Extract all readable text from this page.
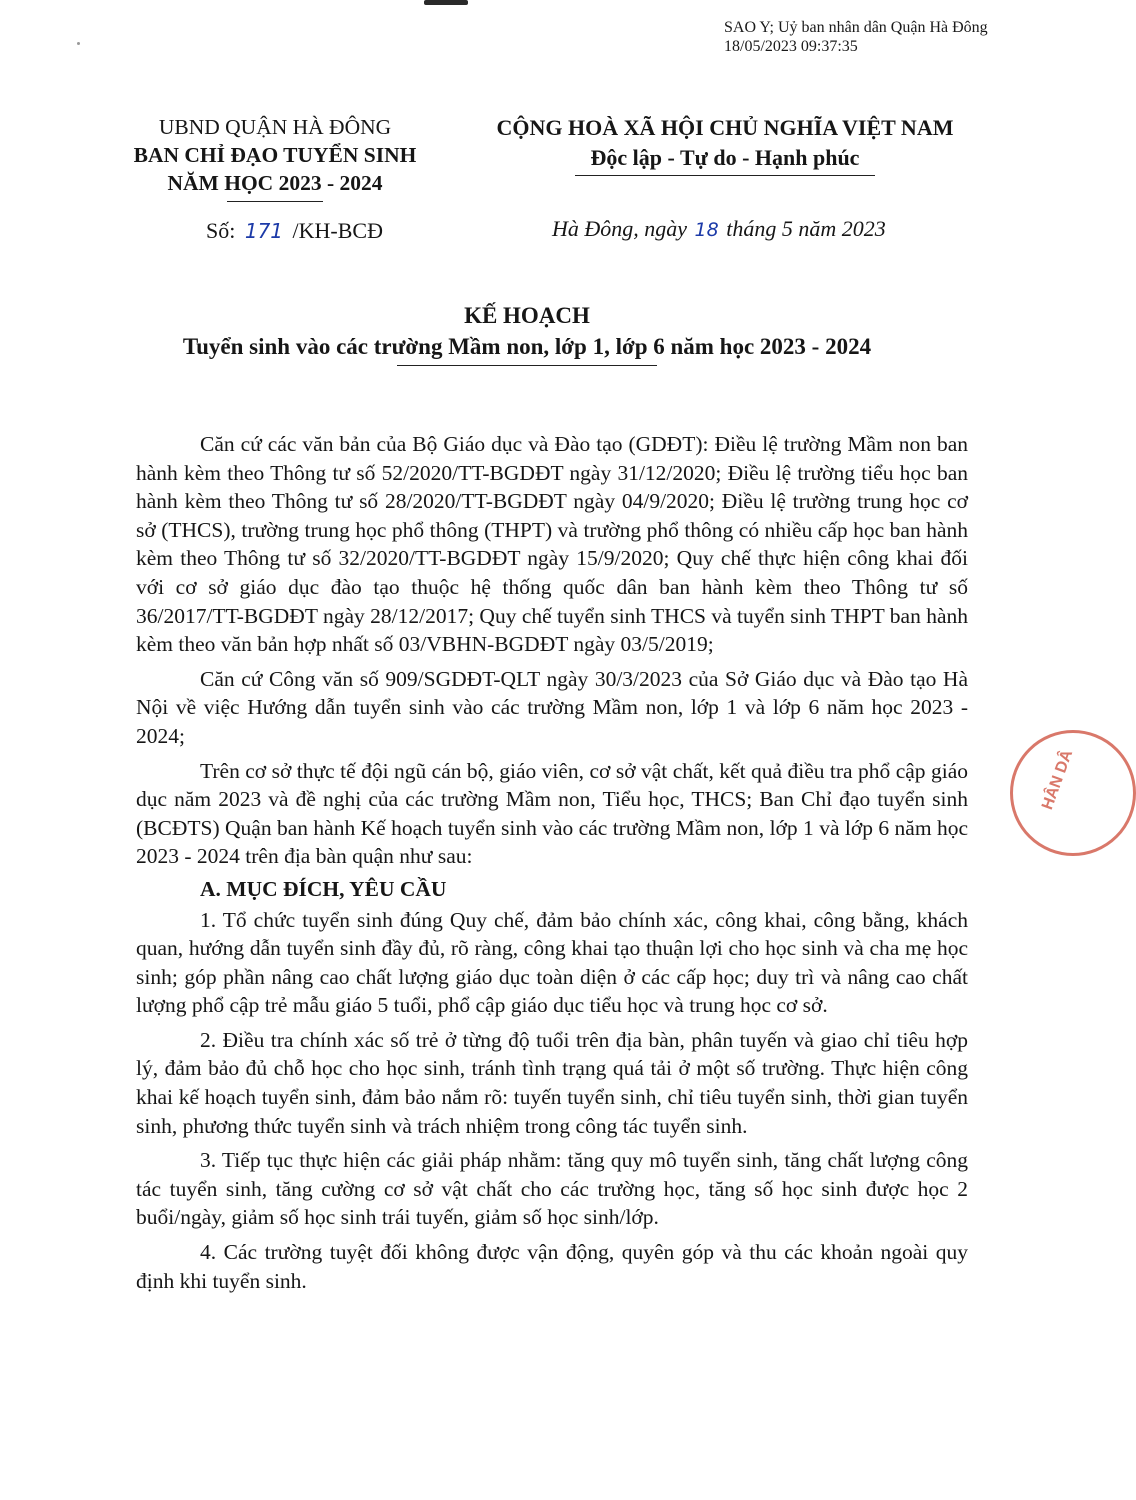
SAO Y; Uỷ ban nhân dân Quận Hà Đông
18/05/2023 09:37:35
UBND QUẬN HÀ ĐÔNG
BAN CHỈ ĐẠO TUYỂN SINH
NĂM HỌC 2023 - 2024
CỘNG HOÀ XÃ HỘI CHỦ NGHĨA VIỆT NAM
Độc lập - Tự do - Hạnh phúc
Số: 171 /KH-BCĐ	Hà Đông, ngày 18 tháng 5 năm 2023
KẾ HOẠCH
Tuyển sinh vào các trường Mầm non, lớp 1, lớp 6 năm học 2023 - 2024

Căn cứ các văn bản của Bộ Giáo dục và Đào tạo (GDĐT): Điều lệ trường Mầm non ban hành kèm theo Thông tư số 52/2020/TT-BGDĐT ngày 31/12/2020; Điều lệ trường tiểu học ban hành kèm theo Thông tư số 28/2020/TT-BGDĐT ngày 04/9/2020; Điều lệ trường trung học cơ sở (THCS), trường trung học phổ thông (THPT) và trường phổ thông có nhiều cấp học ban hành kèm theo Thông tư số 32/2020/TT-BGDĐT ngày 15/9/2020; Quy chế thực hiện công khai đối với cơ sở giáo dục đào tạo thuộc hệ thống quốc dân ban hành kèm theo Thông tư số 36/2017/TT-BGDĐT ngày 28/12/2017; Quy chế tuyển sinh THCS và tuyển sinh THPT ban hành kèm theo văn bản hợp nhất số 03/VBHN-BGDĐT ngày 03/5/2019;

Căn cứ Công văn số 909/SGDĐT-QLT ngày 30/3/2023 của Sở Giáo dục và Đào tạo Hà Nội về việc Hướng dẫn tuyển sinh vào các trường Mầm non, lớp 1 và lớp 6 năm học 2023 - 2024;

Trên cơ sở thực tế đội ngũ cán bộ, giáo viên, cơ sở vật chất, kết quả điều tra phổ cập giáo dục năm 2023 và đề nghị của các trường Mầm non, Tiểu học, THCS; Ban Chỉ đạo tuyển sinh (BCĐTS) Quận ban hành Kế hoạch tuyển sinh vào các trường Mầm non, lớp 1 và lớp 6 năm học 2023 - 2024 trên địa bàn quận như sau:

A. MỤC ĐÍCH, YÊU CẦU

1. Tổ chức tuyển sinh đúng Quy chế, đảm bảo chính xác, công khai, công bằng, khách quan, hướng dẫn tuyển sinh đầy đủ, rõ ràng, công khai tạo thuận lợi cho học sinh và cha mẹ học sinh; góp phần nâng cao chất lượng giáo dục toàn diện ở các cấp học; duy trì và nâng cao chất lượng phổ cập trẻ mẫu giáo 5 tuổi, phổ cập giáo dục tiểu học và trung học cơ sở.

2. Điều tra chính xác số trẻ ở từng độ tuổi trên địa bàn, phân tuyến và giao chỉ tiêu hợp lý, đảm bảo đủ chỗ học cho học sinh, tránh tình trạng quá tải ở một số trường. Thực hiện công khai kế hoạch tuyển sinh, đảm bảo nắm rõ: tuyến tuyển sinh, chỉ tiêu tuyển sinh, thời gian tuyển sinh, phương thức tuyển sinh và trách nhiệm trong công tác tuyển sinh.

3. Tiếp tục thực hiện các giải pháp nhằm: tăng quy mô tuyển sinh, tăng chất lượng công tác tuyển sinh, tăng cường cơ sở vật chất cho các trường học, tăng số học sinh được học 2 buổi/ngày, giảm số học sinh trái tuyến, giảm số học sinh/lớp.

4. Các trường tuyệt đối không được vận động, quyên góp và thu các khoản ngoài quy định khi tuyển sinh.

HÂN DÂ
